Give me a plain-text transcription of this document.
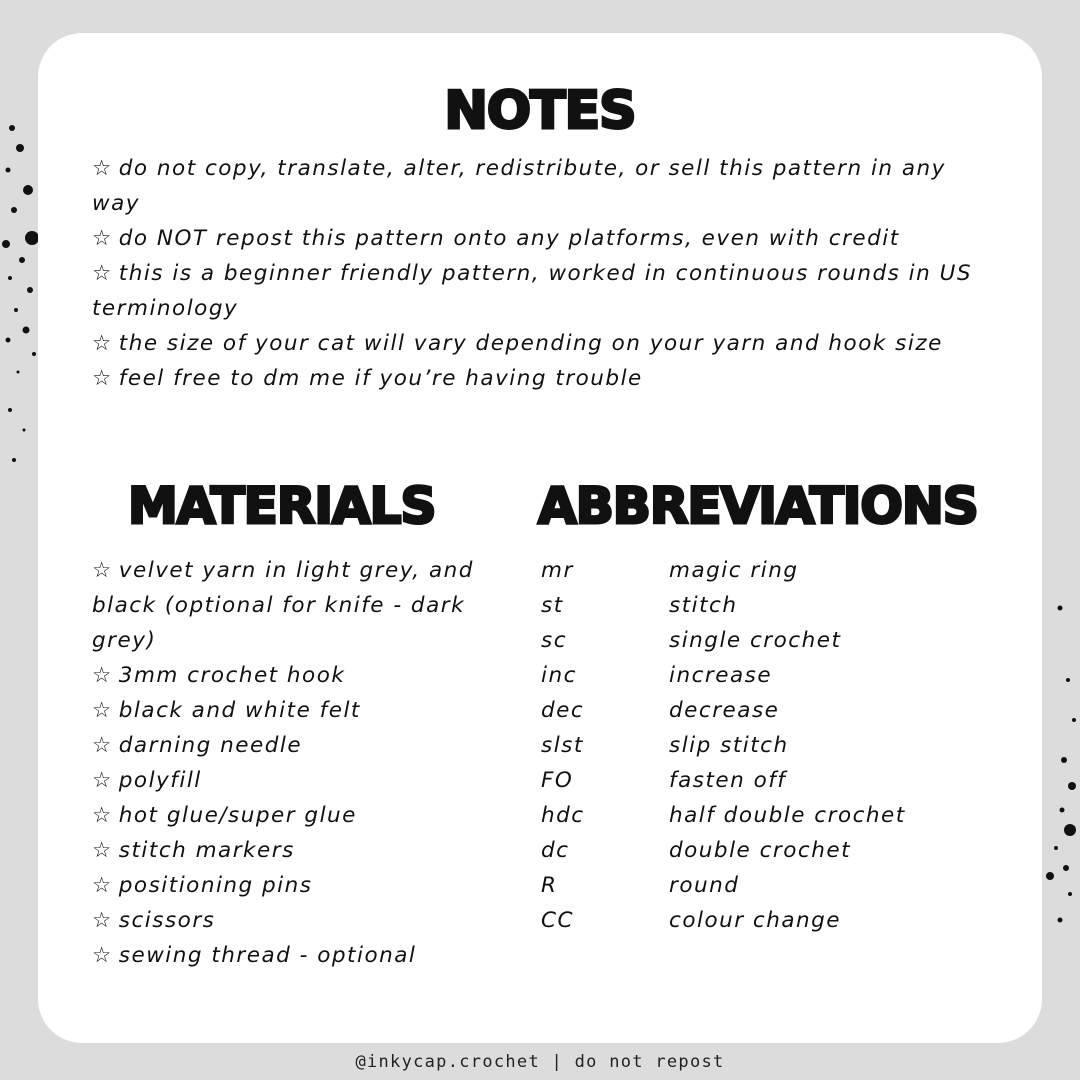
NOTES
☆ do not copy, translate, alter, redistribute, or sell this pattern in any way
☆ do NOT repost this pattern onto any platforms, even with credit
☆ this is a beginner friendly pattern, worked in continuous rounds in US terminology
☆ the size of your cat will vary depending on your yarn and hook size
☆ feel free to dm me if you’re having trouble
MATERIALS ABBREVIATIONS
☆ velvet yarn in light grey, and black (optional for knife - dark grey)
☆ 3mm crochet hook
☆ black and white felt
☆ darning needle
☆ polyfill
☆ hot glue/super glue
☆ stitch markers
☆ positioning pins
☆ scissors
☆ sewing thread - optional
mr	magic ring
st	stitch
sc	single crochet
inc	increase
dec	decrease
slst	slip stitch
FO	fasten off
hdc	half double crochet
dc	double crochet
R	round
CC	colour change
@inkycap.crochet | do not repost
